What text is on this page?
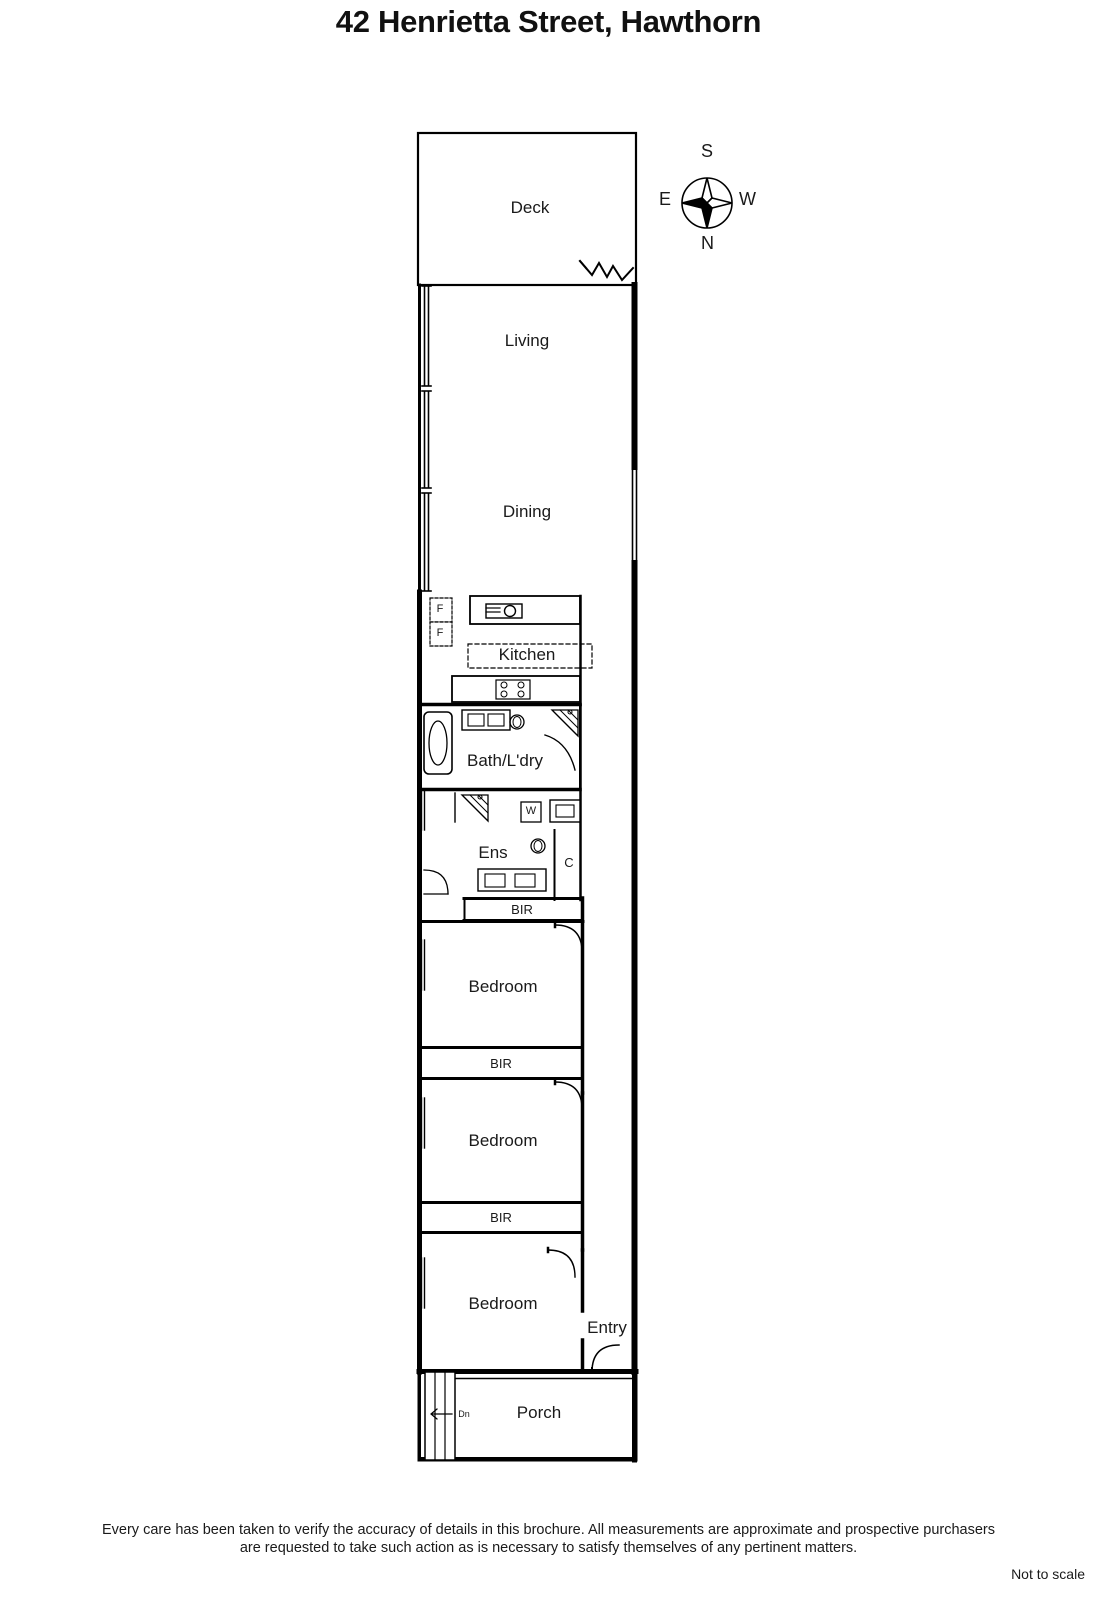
42 Henrietta Street, Hawthorn
Deck
Living
Dining
Kitchen
Bath/L'dry
Ens
Bedroom
Bedroom
Bedroom
Entry
Porch
BIR
BIR
BIR
C
F
F
W
Dn
S
N
E	W
Every care has been taken to verify the accuracy of details in this brochure. All measurements are approximate and prospective purchasers
are requested to take such action as is necessary to satisfy themselves of any pertinent matters.
Not to scale
